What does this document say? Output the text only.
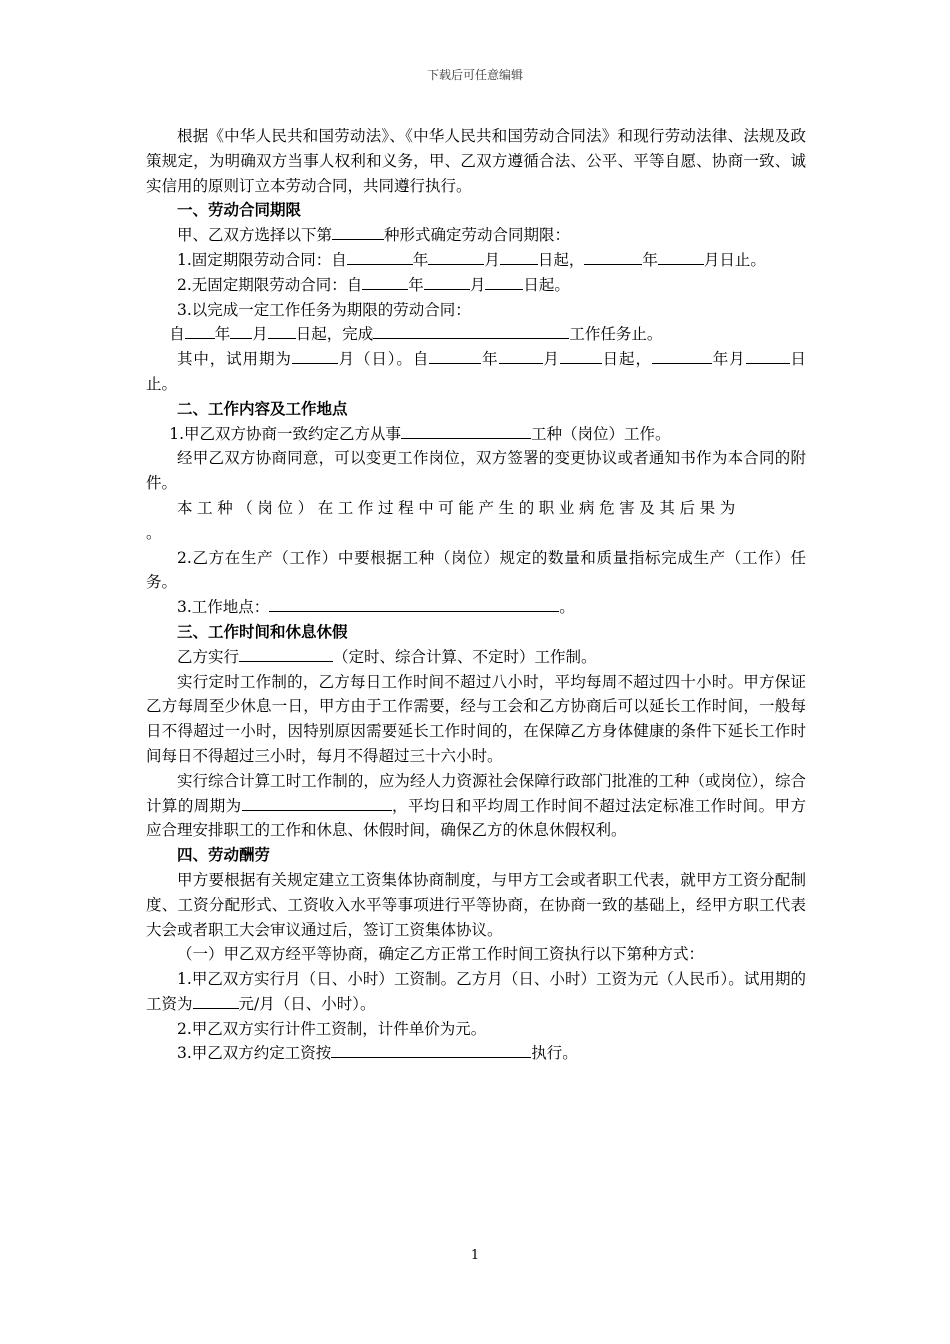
下载后可任意编辑

根据《中华人民共和国劳动法》、《中华人民共和国劳动合同法》和现行劳动法律、法规及政策规定，为明确双方当事人权利和义务，甲、乙双方遵循合法、公平、平等自愿、协商一致、诚实信用的原则订立本劳动合同，共同遵行执行。

一、劳动合同期限

甲、乙双方选择以下第	种形式确定劳动合同期限：

1.固定期限劳动合同：自	年	月 日起，	年	月日止。

2.无固定期限劳动合同：自	年	月 日起。

3.以完成一定工作任务为期限的劳动合同：

自 年 月 日起，完成	工作任务止。

其中，试用期为	月（日）。自	年	月	日起，	年月	日止。

二、工作内容及工作地点

1.甲乙双方协商一致约定乙方从事	工种（岗位）工作。

经甲乙双方协商同意，可以变更工作岗位，双方签署的变更协议或者通知书作为本合同的附件。

本工种（岗位）在工作过程中可能产生的职业病危害及其后果为
。

2.乙方在生产（工作）中要根据工种（岗位）规定的数量和质量指标完成生产（工作）任务。

3.工作地点：	。

三、工作时间和休息休假

乙方实行	（定时、综合计算、不定时）工作制。

实行定时工作制的，乙方每日工作时间不超过八小时，平均每周不超过四十小时。甲方保证乙方每周至少休息一日，甲方由于工作需要，经与工会和乙方协商后可以延长工作时间，一般每日不得超过一小时，因特别原因需要延长工作时间的，在保障乙方身体健康的条件下延长工作时间每日不得超过三小时，每月不得超过三十六小时。

实行综合计算工时工作制的，应为经人力资源社会保障行政部门批准的工种（或岗位），综合计算的周期为	，平均日和平均周工作时间不超过法定标准工作时间。甲方应合理安排职工的工作和休息、休假时间，确保乙方的休息休假权利。

四、劳动酬劳

甲方要根据有关规定建立工资集体协商制度，与甲方工会或者职工代表，就甲方工资分配制度、工资分配形式、工资收入水平等事项进行平等协商，在协商一致的基础上，经甲方职工代表大会或者职工大会审议通过后，签订工资集体协议。

（一）甲乙双方经平等协商，确定乙方正常工作时间工资执行以下第种方式：

1.甲乙双方实行月（日、小时）工资制。乙方月（日、小时）工资为元（人民币）。试用期的工资为	元/月（日、小时）。

2.甲乙双方实行计件工资制，计件单价为元。

3.甲乙双方约定工资按	执行。

1
